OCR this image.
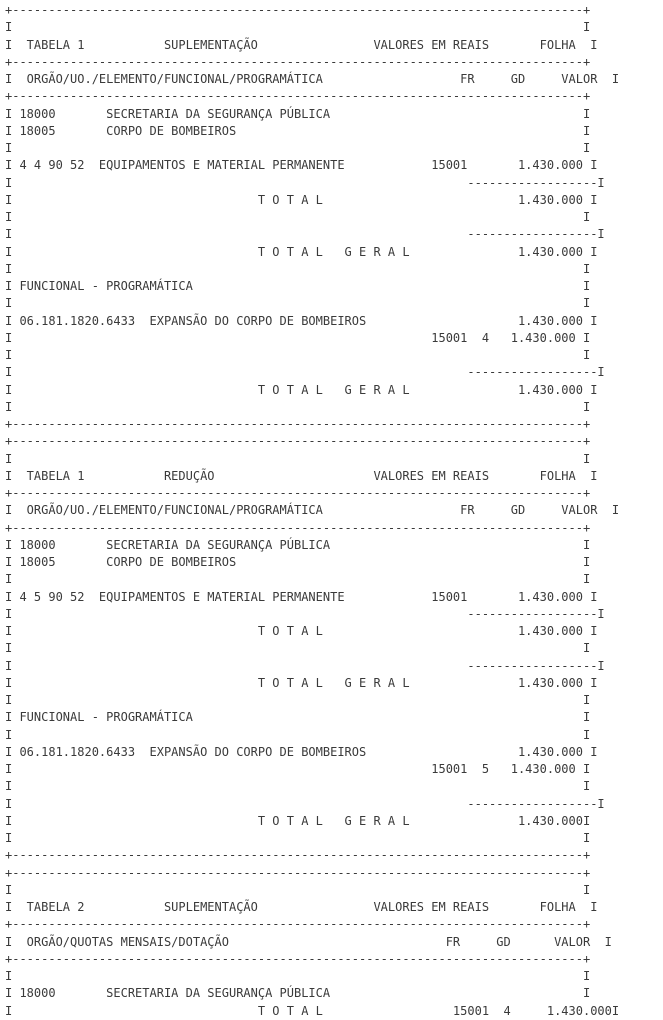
+-------------------------------------------------------------------------------+
I                                                                               I
I  TABELA 1           SUPLEMENTAÇÃO                VALORES EM REAIS       FOLHA  I
+-------------------------------------------------------------------------------+
I  ORGÃO/UO./ELEMENTO/FUNCIONAL/PROGRAMÁTICA                   FR     GD     VALOR  I
+-------------------------------------------------------------------------------+
I 18000       SECRETARIA DA SEGURANÇA PÚBLICA                                   I
I 18005       CORPO DE BOMBEIROS                                                I
I                                                                               I
I 4 4 90 52  EQUIPAMENTOS E MATERIAL PERMANENTE            15001       1.430.000 I
I                                                               ------------------I
I                                  T O T A L                           1.430.000 I
I                                                                               I
I                                                               ------------------I
I                                  T O T A L   G E R A L               1.430.000 I
I                                                                               I
I FUNCIONAL - PROGRAMÁTICA                                                      I
I                                                                               I
I 06.181.1820.6433  EXPANSÃO DO CORPO DE BOMBEIROS                     1.430.000 I
I                                                          15001  4   1.430.000 I
I                                                                               I
I                                                               ------------------I
I                                  T O T A L   G E R A L               1.430.000 I
I                                                                               I
+-------------------------------------------------------------------------------+
+-------------------------------------------------------------------------------+
I                                                                               I
I  TABELA 1           REDUÇÃO                      VALORES EM REAIS       FOLHA  I
+-------------------------------------------------------------------------------+
I  ORGÃO/UO./ELEMENTO/FUNCIONAL/PROGRAMÁTICA                   FR     GD     VALOR  I
+-------------------------------------------------------------------------------+
I 18000       SECRETARIA DA SEGURANÇA PÚBLICA                                   I
I 18005       CORPO DE BOMBEIROS                                                I
I                                                                               I
I 4 5 90 52  EQUIPAMENTOS E MATERIAL PERMANENTE            15001       1.430.000 I
I                                                               ------------------I
I                                  T O T A L                           1.430.000 I
I                                                                               I
I                                                               ------------------I
I                                  T O T A L   G E R A L               1.430.000 I
I                                                                               I
I FUNCIONAL - PROGRAMÁTICA                                                      I
I                                                                               I
I 06.181.1820.6433  EXPANSÃO DO CORPO DE BOMBEIROS                     1.430.000 I
I                                                          15001  5   1.430.000 I
I                                                                               I
I                                                               ------------------I
I                                  T O T A L   G E R A L               1.430.000I
I                                                                               I
+-------------------------------------------------------------------------------+
+-------------------------------------------------------------------------------+
I                                                                               I
I  TABELA 2           SUPLEMENTAÇÃO                VALORES EM REAIS       FOLHA  I
+-------------------------------------------------------------------------------+
I  ORGÃO/QUOTAS MENSAIS/DOTAÇÃO                              FR     GD      VALOR  I
+-------------------------------------------------------------------------------+
I                                                                               I
I 18000       SECRETARIA DA SEGURANÇA PÚBLICA                                   I
I                                  T O T A L                  15001  4     1.430.000I
